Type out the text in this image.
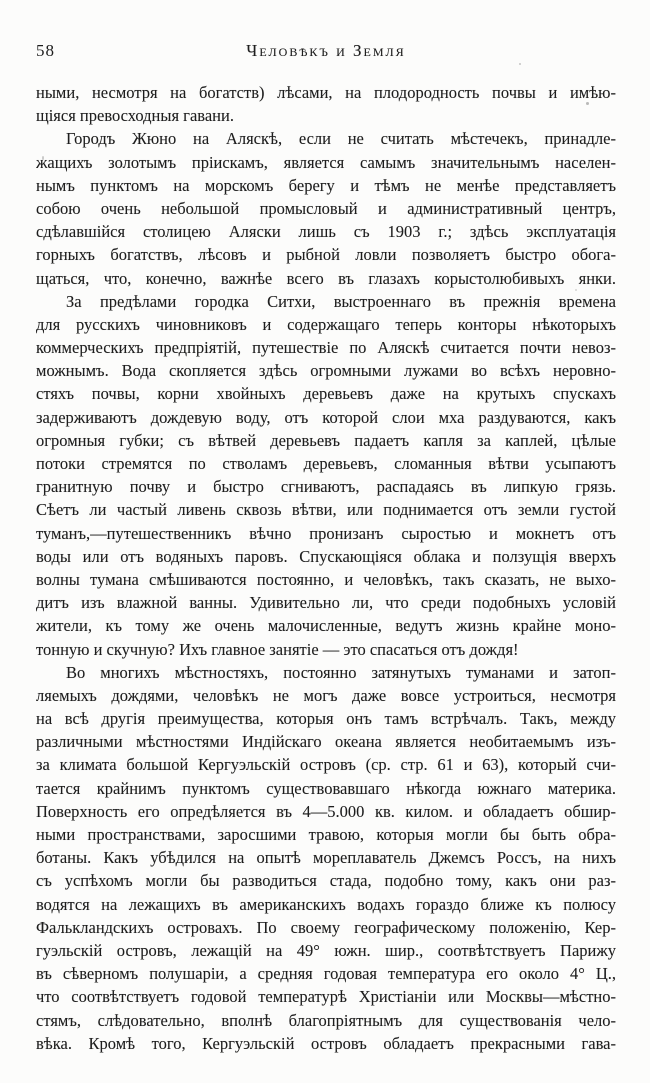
58	Человѣкъ и Земля
ными, несмотря на богатств) лѣсами, на плодородность почвы и имѣю-
щіяся превосходныя гавани.
Городъ Жюно на Аляскѣ, если не считать мѣстечекъ, принадле-
жащихъ золотымъ пріискамъ, является самымъ значительнымъ населен-
нымъ пунктомъ на морскомъ берегу и тѣмъ не менѣе представляетъ
собою очень небольшой промысловый и административный центръ,
сдѣлавшійся столицею Аляски лишь съ 1903 г.; здѣсь эксплуатація
горныхъ богатствъ, лѣсовъ и рыбной ловли позволяетъ быстро обога-
щаться, что, конечно, важнѣе всего въ глазахъ корыстолюбивыхъ янки.
За предѣлами городка Ситхи, выстроеннаго въ прежнія времена
для русскихъ чиновниковъ и содержащаго теперь конторы нѣкоторыхъ
коммерческихъ предпріятій, путешествіе по Аляскѣ считается почти невоз-
можнымъ. Вода скопляется здѣсь огромными лужами во всѣхъ неровно-
стяхъ почвы, корни хвойныхъ деревьевъ даже на крутыхъ спускахъ
задерживаютъ дождевую воду, отъ которой слои мха раздуваются, какъ
огромныя губки; съ вѣтвей деревьевъ падаетъ капля за каплей, цѣлые
потоки стремятся по стволамъ деревьевъ, сломанныя вѣтви усыпаютъ
гранитную почву и быстро сгниваютъ, распадаясь въ липкую грязь.
Сѣетъ ли частый ливень сквозь вѣтви, или поднимается отъ земли густой
туманъ,—путешественникъ вѣчно пронизанъ сыростью и мокнетъ отъ
воды или отъ водяныхъ паровъ. Спускающіяся облака и ползущія вверхъ
волны тумана смѣшиваются постоянно, и человѣкъ, такъ сказать, не выхо-
дитъ изъ влажной ванны. Удивительно ли, что среди подобныхъ условій
жители, къ тому же очень малочисленные, ведутъ жизнь крайне моно-
тонную и скучную? Ихъ главное занятіе — это спасаться отъ дождя!
Во многихъ мѣстностяхъ, постоянно затянутыхъ туманами и затоп-
ляемыхъ дождями, человѣкъ не могъ даже вовсе устроиться, несмотря
на всѣ другія преимущества, которыя онъ тамъ встрѣчалъ. Такъ, между
различными мѣстностями Индійскаго океана является необитаемымъ изъ-
за климата большой Кергуэльскій островъ (ср. стр. 61 и 63), который счи-
тается крайнимъ пунктомъ существовавшаго нѣкогда южнаго материка.
Поверхность его опредѣляется въ 4—5.000 кв. килом. и обладаетъ обшир-
ными пространствами, заросшими травою, которыя могли бы быть обра-
ботаны. Какъ убѣдился на опытѣ мореплаватель Джемсъ Россъ, на нихъ
съ успѣхомъ могли бы разводиться стада, подобно тому, какъ они раз-
водятся на лежащихъ въ американскихъ водахъ гораздо ближе къ полюсу
Фалькландскихъ островахъ. По своему географическому положенію, Кер-
гуэльскій островъ, лежащій на 49° южн. шир., соотвѣтствуетъ Парижу
въ сѣверномъ полушаріи, а средняя годовая температура его около 4° Ц.,
что соотвѣтствуетъ годовой температурѣ Христіаніи или Москвы—мѣстно-
стямъ, слѣдовательно, вполнѣ благопріятнымъ для существованія чело-
вѣка. Кромѣ того, Кергуэльскій островъ обладаетъ прекрасными гава-
